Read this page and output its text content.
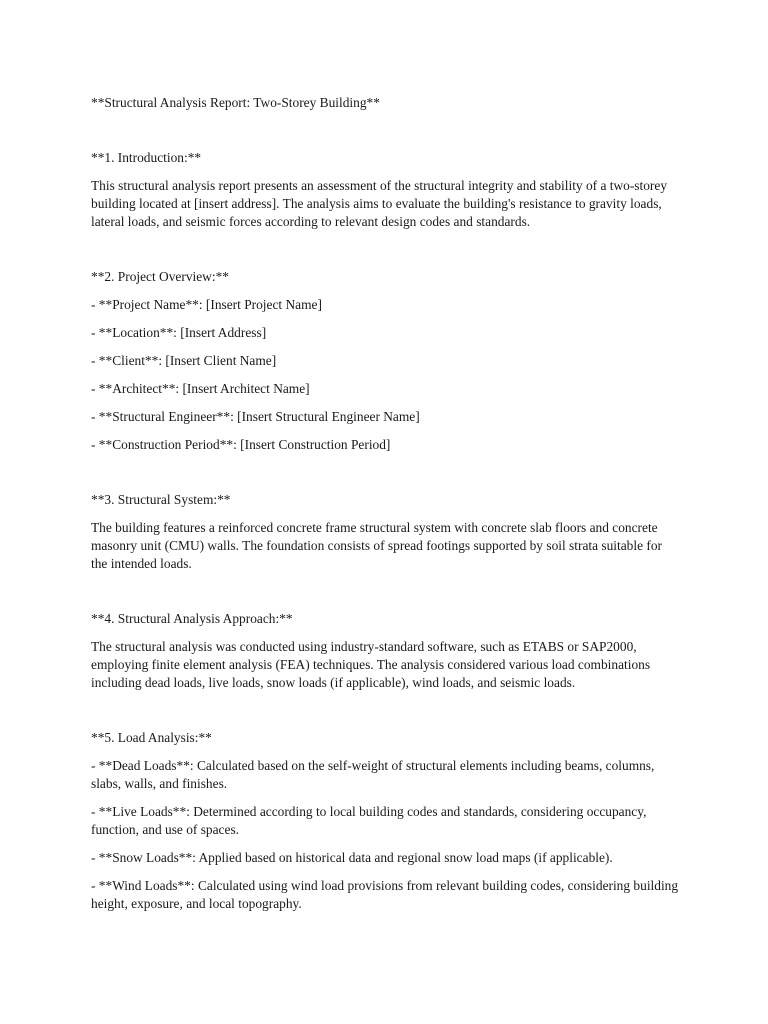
**Structural Analysis Report: Two-Storey Building**
**1. Introduction:**

This structural analysis report presents an assessment of the structural integrity and stability of a two-storey building located at [insert address]. The analysis aims to evaluate the building's resistance to gravity loads, lateral loads, and seismic forces according to relevant design codes and standards.

**2. Project Overview:**
- **Project Name**: [Insert Project Name]
- **Location**: [Insert Address]
- **Client**: [Insert Client Name]
- **Architect**: [Insert Architect Name]
- **Structural Engineer**: [Insert Structural Engineer Name]
- **Construction Period**: [Insert Construction Period]
**3. Structural System:**

The building features a reinforced concrete frame structural system with concrete slab floors and concrete masonry unit (CMU) walls. The foundation consists of spread footings supported by soil strata suitable for the intended loads.

**4. Structural Analysis Approach:**

The structural analysis was conducted using industry-standard software, such as ETABS or SAP2000, employing finite element analysis (FEA) techniques. The analysis considered various load combinations including dead loads, live loads, snow loads (if applicable), wind loads, and seismic loads.

**5. Load Analysis:**
- **Dead Loads**: Calculated based on the self-weight of structural elements including beams, columns, slabs, walls, and finishes.
- **Live Loads**: Determined according to local building codes and standards, considering occupancy, function, and use of spaces.
- **Snow Loads**: Applied based on historical data and regional snow load maps (if applicable).
- **Wind Loads**: Calculated using wind load provisions from relevant building codes, considering building height, exposure, and local topography.
